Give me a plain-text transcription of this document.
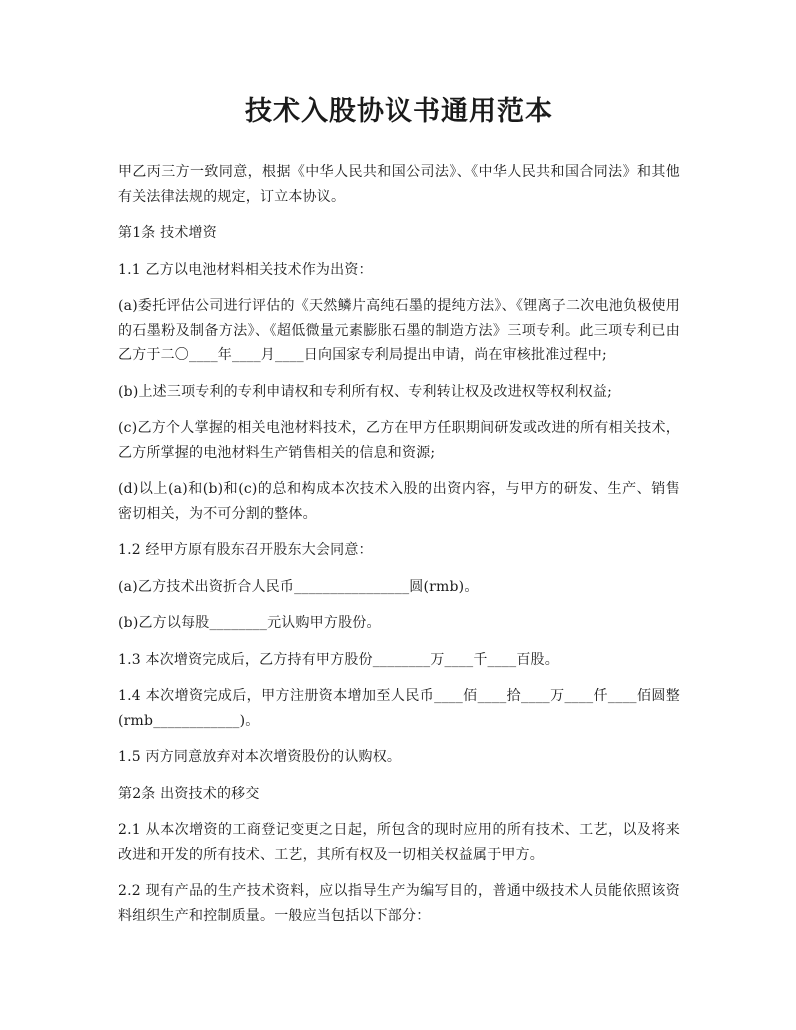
技术入股协议书通用范本

甲乙丙三方一致同意，根据《中华人民共和国公司法》、《中华人民共和国合同法》和其他有关法律法规的规定，订立本协议。

第1条 技术增资

1.1 乙方以电池材料相关技术作为出资：

(a)委托评估公司进行评估的《天然鳞片高纯石墨的提纯方法》、《锂离子二次电池负极使用的石墨粉及制备方法》、《超低微量元素膨胀石墨的制造方法》三项专利。此三项专利已由乙方于二〇____年____月____日向国家专利局提出申请，尚在审核批准过程中;

(b)上述三项专利的专利申请权和专利所有权、专利转让权及改进权等权利权益;

(c)乙方个人掌握的相关电池材料技术，乙方在甲方任职期间研发或改进的所有相关技术，乙方所掌握的电池材料生产销售相关的信息和资源;

(d)以上(a)和(b)和(c)的总和构成本次技术入股的出资内容，与甲方的研发、生产、销售密切相关，为不可分割的整体。

1.2 经甲方原有股东召开股东大会同意：

(a)乙方技术出资折合人民币________________圆(rmb)。

(b)乙方以每股________元认购甲方股份。

1.3 本次增资完成后，乙方持有甲方股份________万____千____百股。

1.4 本次增资完成后，甲方注册资本增加至人民币____佰____拾____万____仟____佰圆整(rmb____________)。

1.5 丙方同意放弃对本次增资股份的认购权。

第2条 出资技术的移交

2.1 从本次增资的工商登记变更之日起，所包含的现时应用的所有技术、工艺，以及将来改进和开发的所有技术、工艺，其所有权及一切相关权益属于甲方。

2.2 现有产品的生产技术资料，应以指导生产为编写目的，普通中级技术人员能依照该资料组织生产和控制质量。一般应当包括以下部分：
